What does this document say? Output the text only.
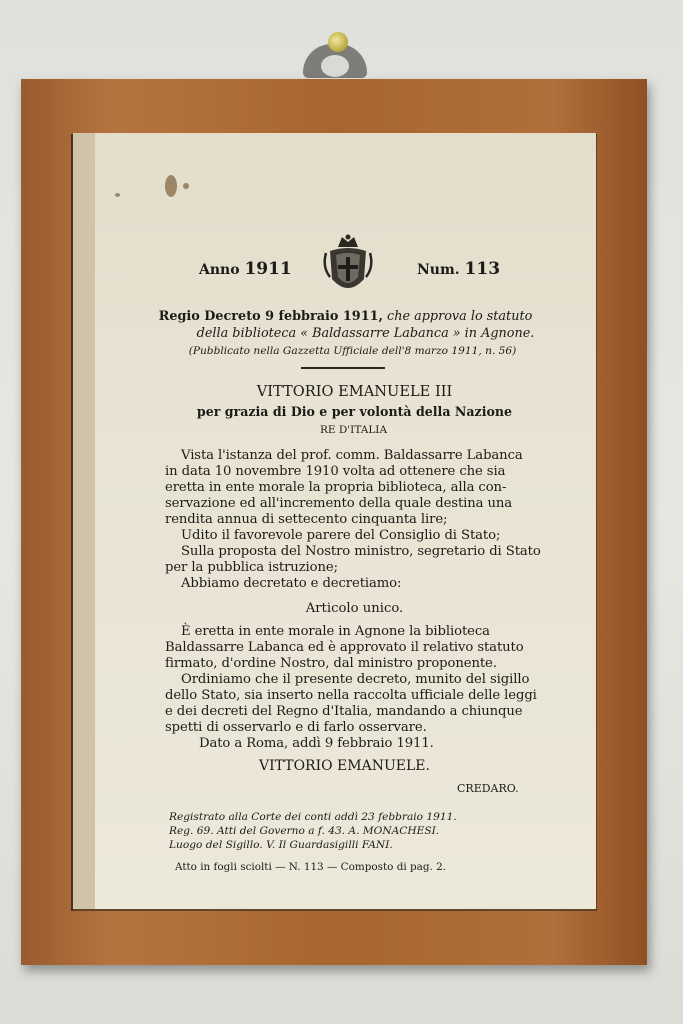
Anno 1911	Num. 113
Regio Decreto 9 febbraio 1911, che approva lo statuto
della biblioteca « Baldassarre Labanca » in Agnone.
(Pubblicato nella Gazzetta Ufficiale dell'8 marzo 1911, n. 56)
VITTORIO EMANUELE III
per grazia di Dio e per volontà della Nazione
RE D'ITALIA
Vista l'istanza del prof. comm. Baldassarre Labanca
in data 10 novembre 1910 volta ad ottenere che sia
eretta in ente morale la propria biblioteca, alla con-
servazione ed all'incremento della quale destina una
rendita annua di settecento cinquanta lire;
Udito il favorevole parere del Consiglio di Stato;
Sulla proposta del Nostro ministro, segretario di Stato
per la pubblica istruzione;
Abbiamo decretato e decretiamo:
Articolo unico.
È eretta in ente morale in Agnone la biblioteca
Baldassarre Labanca ed è approvato il relativo statuto
firmato, d'ordine Nostro, dal ministro proponente.
Ordiniamo che il presente decreto, munito del sigillo
dello Stato, sia inserto nella raccolta ufficiale delle leggi
e dei decreti del Regno d'Italia, mandando a chiunque
spetti di osservarlo e di farlo osservare.
Dato a Roma, addì 9 febbraio 1911.
VITTORIO EMANUELE.
CREDARO.
Registrato alla Corte dei conti addì 23 febbraio 1911.
Reg. 69. Atti del Governo a f. 43. A. MONACHESI.
Luogo del Sigillo. V. Il Guardasigilli FANI.
Atto in fogli sciolti — N. 113 — Composto di pag. 2.
